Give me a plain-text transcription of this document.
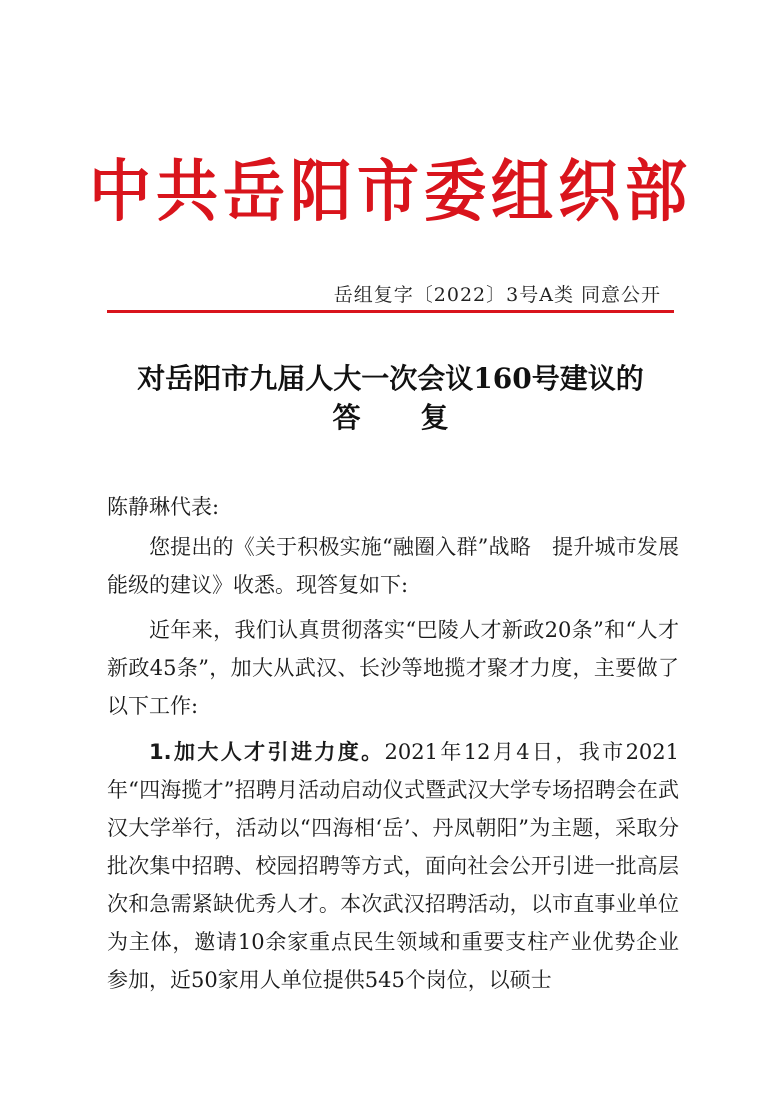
中共岳阳市委组织部
岳组复字〔2022〕3号A类 同意公开
对岳阳市九届人大一次会议160号建议的
答复
陈静琳代表:
您提出的《关于积极实施“融圈入群”战略　提升城市发展能级的建议》收悉。现答复如下:
近年来，我们认真贯彻落实“巴陵人才新政20条”和“人才新政45条”，加大从武汉、长沙等地揽才聚才力度，主要做了以下工作:
1.加大人才引进力度。2021年12月4日，我市2021年“四海揽才”招聘月活动启动仪式暨武汉大学专场招聘会在武汉大学举行，活动以“四海相‘岳’、丹凤朝阳”为主题，采取分批次集中招聘、校园招聘等方式，面向社会公开引进一批高层次和急需紧缺优秀人才。本次武汉招聘活动，以市直事业单位为主体，邀请10余家重点民生领域和重要支柱产业优势企业参加，近50家用人单位提供545个岗位，以硕士
